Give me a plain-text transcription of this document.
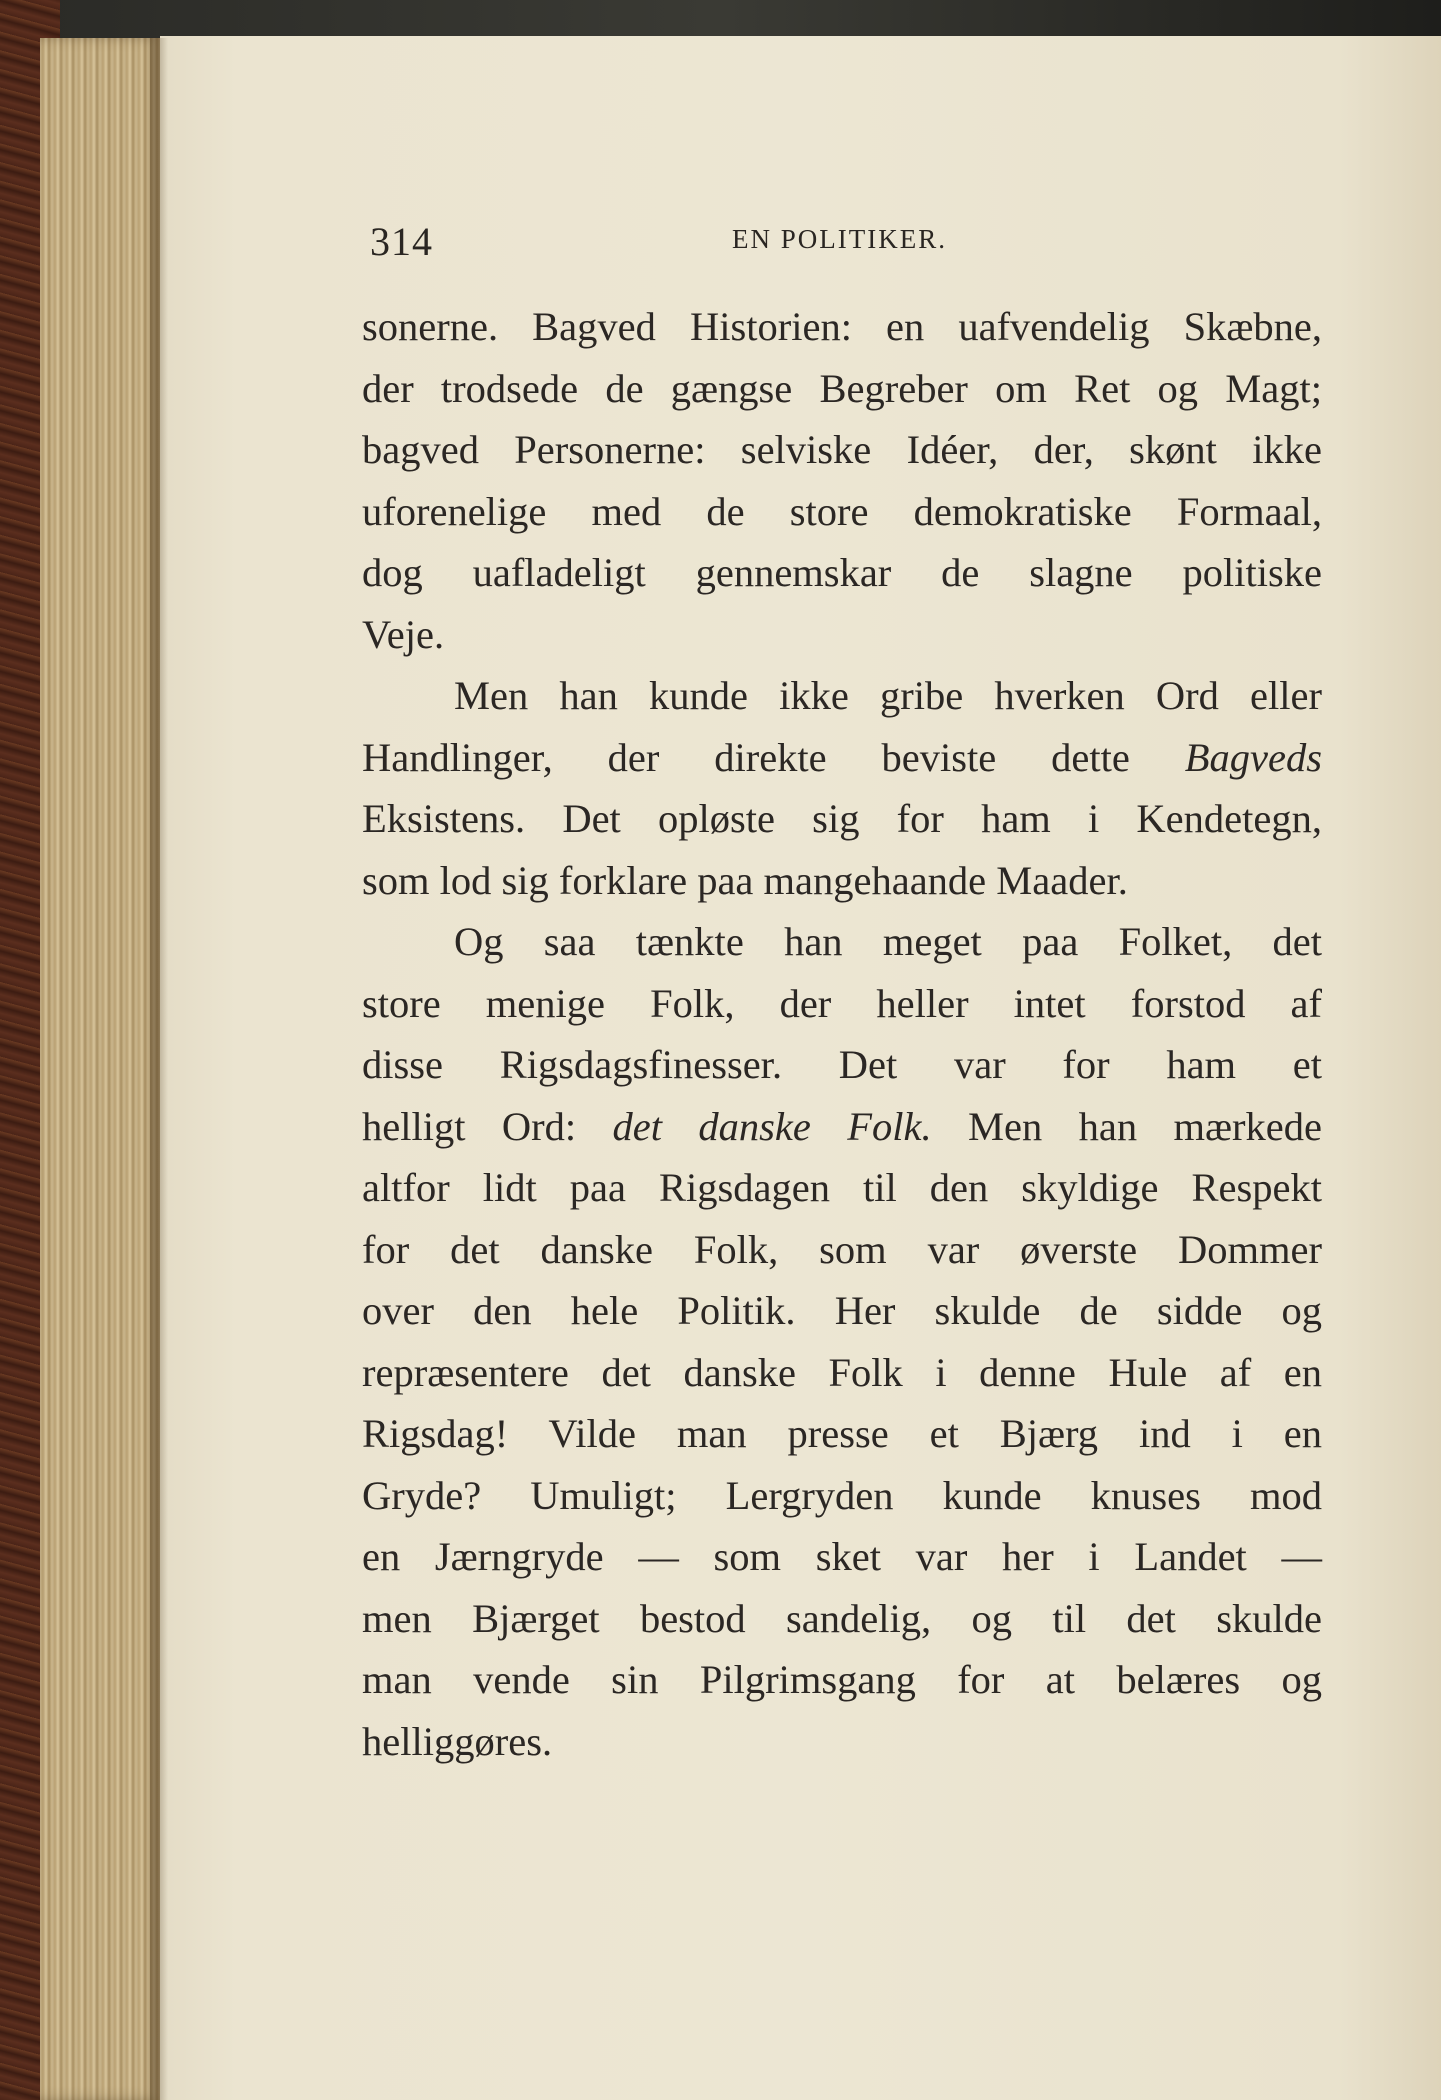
314	EN POLITIKER.

sonerne. Bagved Historien: en uafvendelig Skæbne,
der trodsede de gængse Begreber om Ret og Magt;
bagved Personerne: selviske Idéer, der, skønt ikke
uforenelige med de store demokratiske Formaal,
dog uafladeligt gennemskar de slagne politiske
Veje.

Men han kunde ikke gribe hverken Ord eller
Handlinger, der direkte beviste dette Bagveds
Eksistens. Det opløste sig for ham i Kendetegn,
som lod sig forklare paa mangehaande Maader.

Og saa tænkte han meget paa Folket, det
store menige Folk, der heller intet forstod af
disse Rigsdagsfinesser. Det var for ham et
helligt Ord: det danske Folk. Men han mærkede
altfor lidt paa Rigsdagen til den skyldige Respekt
for det danske Folk, som var øverste Dommer
over den hele Politik. Her skulde de sidde og
repræsentere det danske Folk i denne Hule af en
Rigsdag! Vilde man presse et Bjærg ind i en
Gryde? Umuligt; Lergryden kunde knuses mod
en Jærngryde — som sket var her i Landet —
men Bjærget bestod sandelig, og til det skulde
man vende sin Pilgrimsgang for at belæres og
helliggøres.
